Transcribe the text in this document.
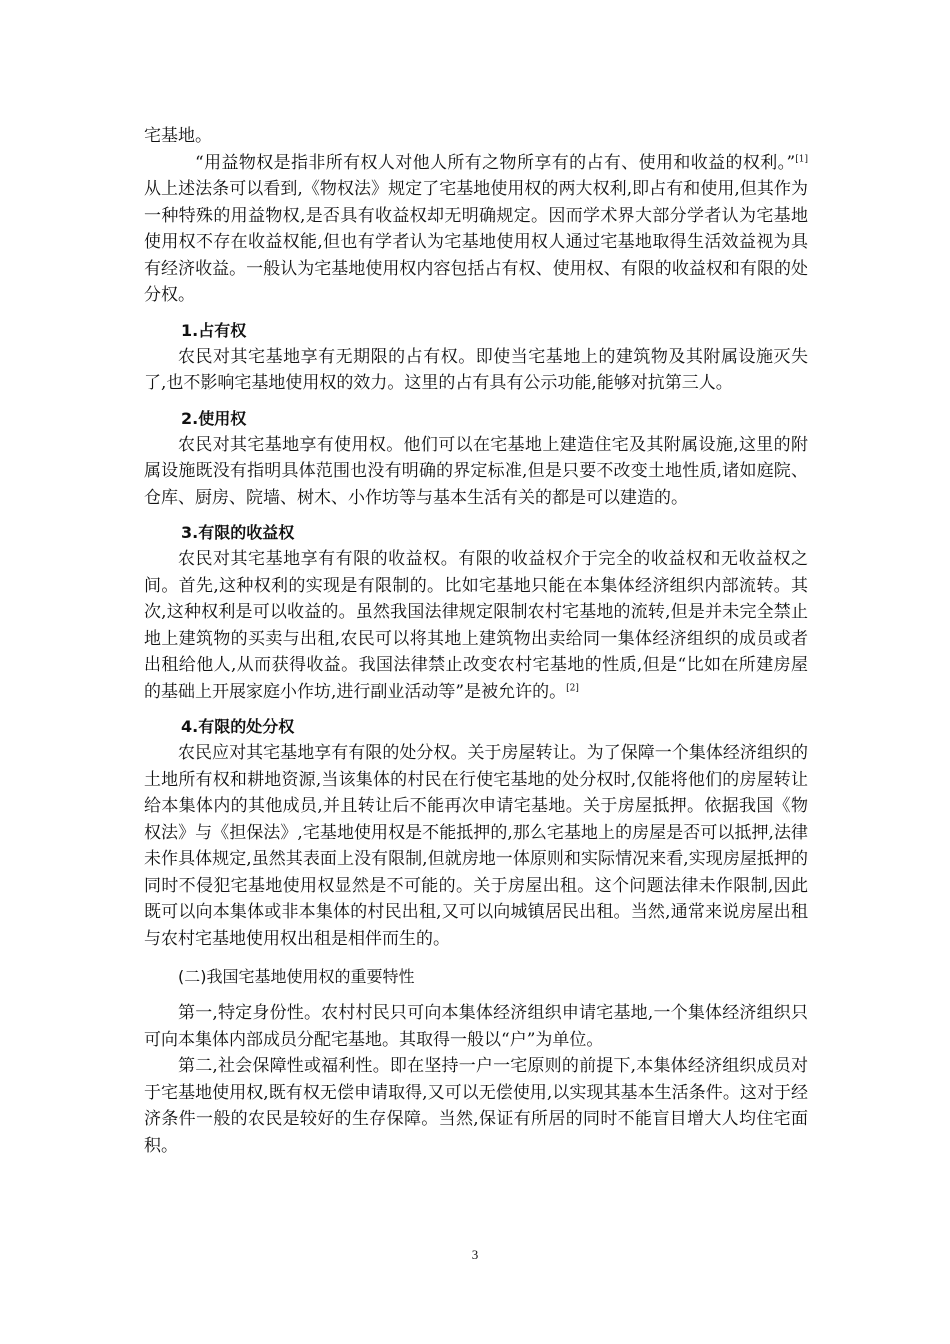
宅基地。

“用益物权是指非所有权人对他人所有之物所享有的占有、使用和收益的权利。”[1]从上述法条可以看到,《物权法》规定了宅基地使用权的两大权利,即占有和使用,但其作为一种特殊的用益物权,是否具有收益权却无明确规定。因而学术界大部分学者认为宅基地使用权不存在收益权能,但也有学者认为宅基地使用权人通过宅基地取得生活效益视为具有经济收益。一般认为宅基地使用权内容包括占有权、使用权、有限的收益权和有限的处分权。

1.占有权

农民对其宅基地享有无期限的占有权。即使当宅基地上的建筑物及其附属设施灭失了,也不影响宅基地使用权的效力。这里的占有具有公示功能,能够对抗第三人。

2.使用权

农民对其宅基地享有使用权。他们可以在宅基地上建造住宅及其附属设施,这里的附属设施既没有指明具体范围也没有明确的界定标准,但是只要不改变土地性质,诸如庭院、仓库、厨房、院墙、树木、小作坊等与基本生活有关的都是可以建造的。

3.有限的收益权

农民对其宅基地享有有限的收益权。有限的收益权介于完全的收益权和无收益权之间。首先,这种权利的实现是有限制的。比如宅基地只能在本集体经济组织内部流转。其次,这种权利是可以收益的。虽然我国法律规定限制农村宅基地的流转,但是并未完全禁止地上建筑物的买卖与出租,农民可以将其地上建筑物出卖给同一集体经济组织的成员或者出租给他人,从而获得收益。我国法律禁止改变农村宅基地的性质,但是“比如在所建房屋的基础上开展家庭小作坊,进行副业活动等”是被允许的。[2]

4.有限的处分权

农民应对其宅基地享有有限的处分权。关于房屋转让。为了保障一个集体经济组织的土地所有权和耕地资源,当该集体的村民在行使宅基地的处分权时,仅能将他们的房屋转让给本集体内的其他成员,并且转让后不能再次申请宅基地。关于房屋抵押。依据我国《物权法》与《担保法》,宅基地使用权是不能抵押的,那么宅基地上的房屋是否可以抵押,法律未作具体规定,虽然其表面上没有限制,但就房地一体原则和实际情况来看,实现房屋抵押的同时不侵犯宅基地使用权显然是不可能的。关于房屋出租。这个问题法律未作限制,因此既可以向本集体或非本集体的村民出租,又可以向城镇居民出租。当然,通常来说房屋出租与农村宅基地使用权出租是相伴而生的。

(二)我国宅基地使用权的重要特性

第一,特定身份性。农村村民只可向本集体经济组织申请宅基地,一个集体经济组织只可向本集体内部成员分配宅基地。其取得一般以“户”为单位。

第二,社会保障性或福利性。即在坚持一户一宅原则的前提下,本集体经济组织成员对于宅基地使用权,既有权无偿申请取得,又可以无偿使用,以实现其基本生活条件。这对于经济条件一般的农民是较好的生存保障。当然,保证有所居的同时不能盲目增大人均住宅面积。

3
